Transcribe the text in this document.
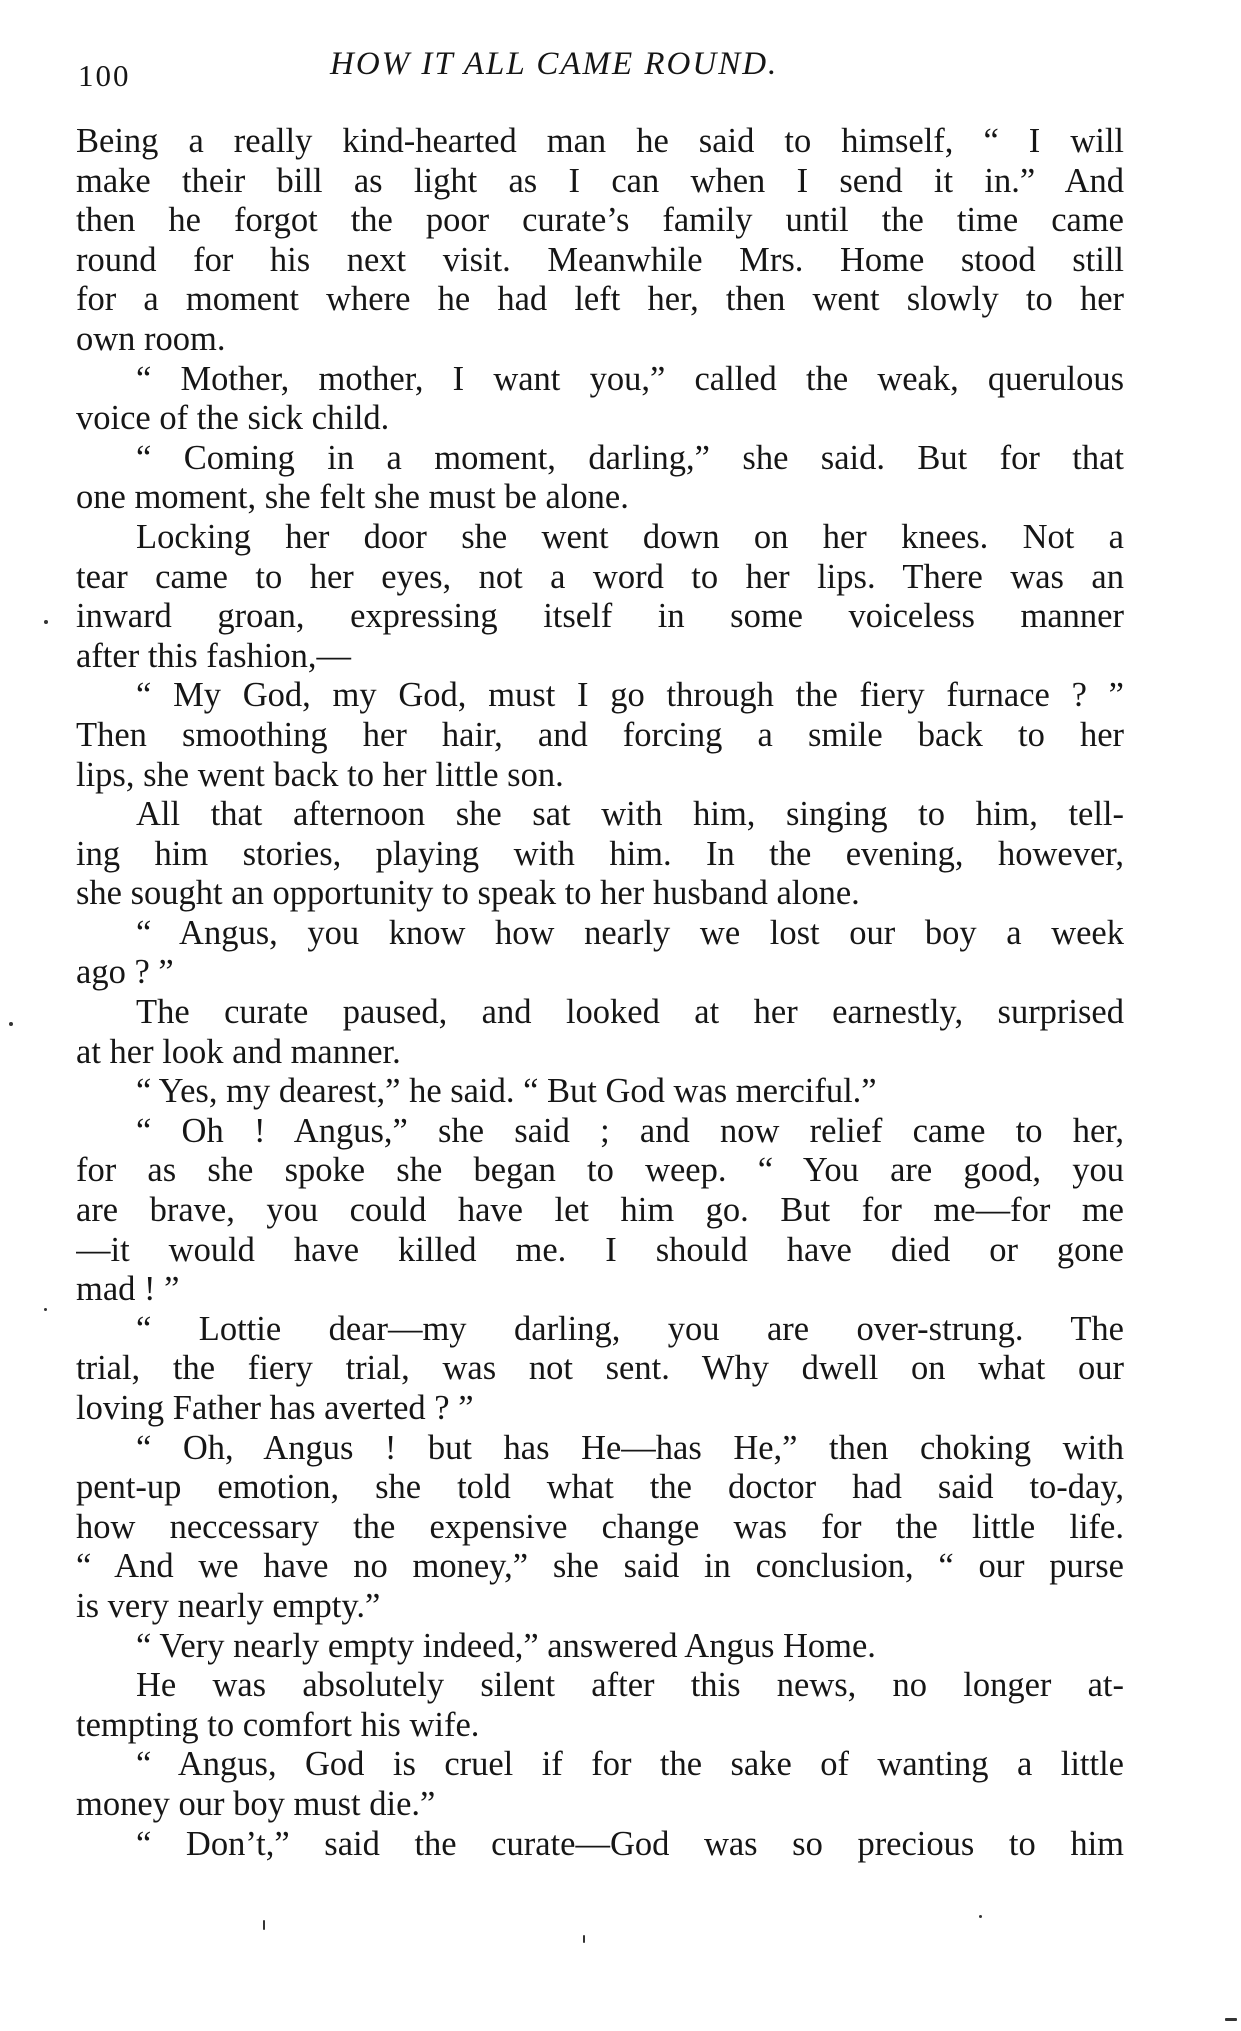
100	HOW IT ALL CAME ROUND.
Being a really kind-hearted man he said to himself, “ I will
make their bill as light as I can when I send it in.” And
then he forgot the poor curate’s family until the time came
round for his next visit. Meanwhile Mrs. Home stood still
for a moment where he had left her, then went slowly to her
own room.
“ Mother, mother, I want you,” called the weak, querulous
voice of the sick child.
“ Coming in a moment, darling,” she said. But for that
one moment, she felt she must be alone.
Locking her door she went down on her knees. Not a
tear came to her eyes, not a word to her lips. There was an
inward groan, expressing itself in some voiceless manner
after this fashion,—
“ My God, my God, must I go through the fiery furnace ? ”
Then smoothing her hair, and forcing a smile back to her
lips, she went back to her little son.
All that afternoon she sat with him, singing to him, tell-
ing him stories, playing with him. In the evening, however,
she sought an opportunity to speak to her husband alone.
“ Angus, you know how nearly we lost our boy a week
ago ? ”
The curate paused, and looked at her earnestly, surprised
at her look and manner.
“ Yes, my dearest,” he said. “ But God was merciful.”
“ Oh ! Angus,” she said ; and now relief came to her,
for as she spoke she began to weep. “ You are good, you
are brave, you could have let him go. But for me—for me
—it would have killed me. I should have died or gone
mad ! ”
“ Lottie dear—my darling, you are over-strung. The
trial, the fiery trial, was not sent. Why dwell on what our
loving Father has averted ? ”
“ Oh, Angus ! but has He—has He,” then choking with
pent-up emotion, she told what the doctor had said to-day,
how neccessary the expensive change was for the little life.
“ And we have no money,” she said in conclusion, “ our purse
is very nearly empty.”
“ Very nearly empty indeed,” answered Angus Home.
He was absolutely silent after this news, no longer at-
tempting to comfort his wife.
“ Angus, God is cruel if for the sake of wanting a little
money our boy must die.”
“ Don’t,” said the curate—God was so precious to him
